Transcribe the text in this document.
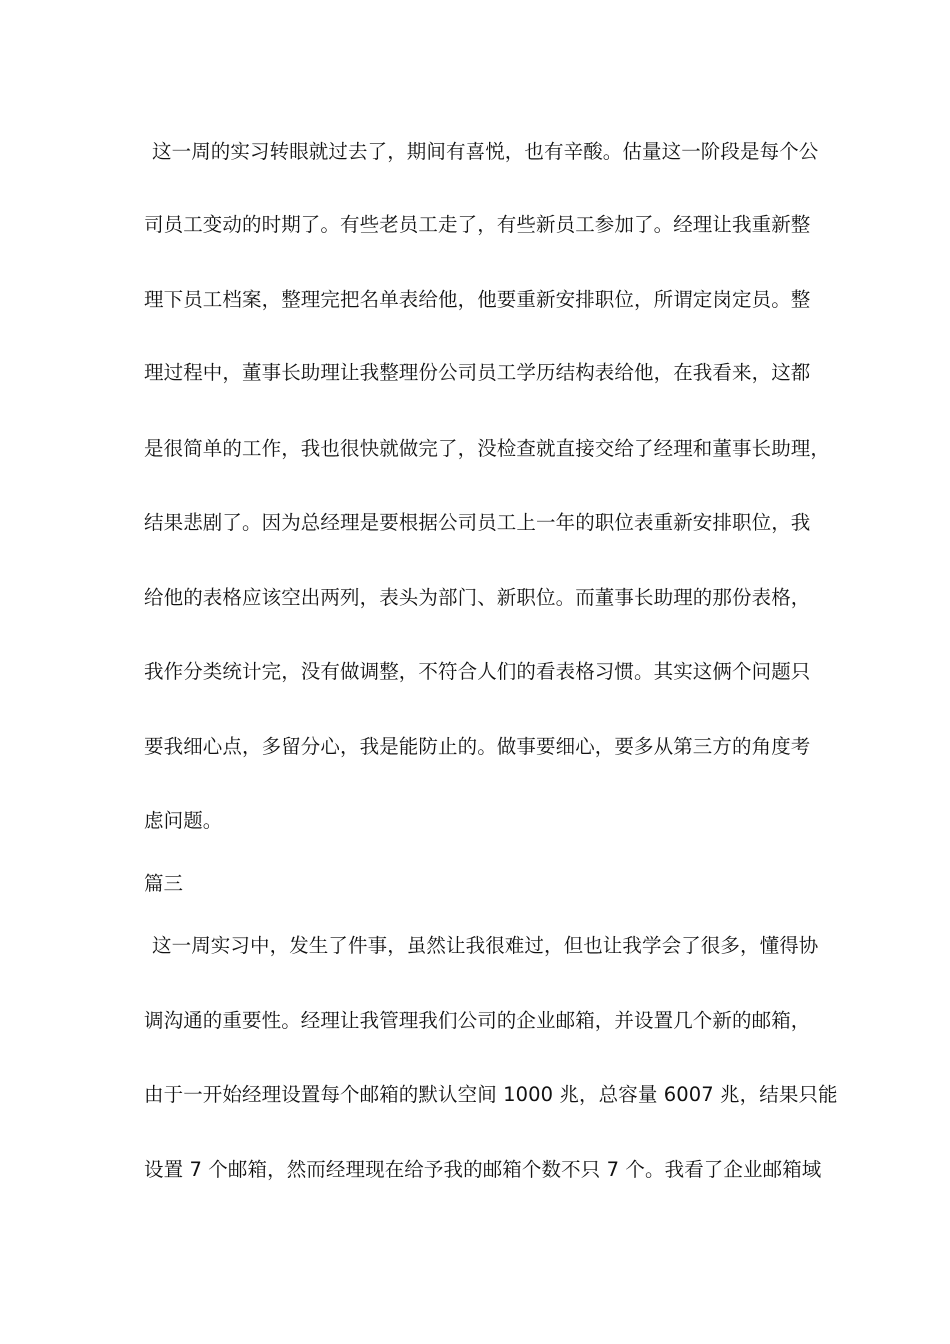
这一周的实习转眼就过去了，期间有喜悦，也有辛酸。估量这一阶段是每个公
司员工变动的时期了。有些老员工走了，有些新员工参加了。经理让我重新整
理下员工档案，整理完把名单表给他，他要重新安排职位，所谓定岗定员。整
理过程中，董事长助理让我整理份公司员工学历结构表给他，在我看来，这都
是很简单的工作，我也很快就做完了，没检查就直接交给了经理和董事长助理，
结果悲剧了。因为总经理是要根据公司员工上一年的职位表重新安排职位，我
给他的表格应该空出两列，表头为部门、新职位。而董事长助理的那份表格，
我作分类统计完，没有做调整，不符合人们的看表格习惯。其实这俩个问题只
要我细心点，多留分心，我是能防止的。做事要细心，要多从第三方的角度考
虑问题。
篇三
这一周实习中，发生了件事，虽然让我很难过，但也让我学会了很多，懂得协
调沟通的重要性。经理让我管理我们公司的企业邮箱，并设置几个新的邮箱，
由于一开始经理设置每个邮箱的默认空间 1000 兆，总容量 6007 兆，结果只能
设置 7 个邮箱，然而经理现在给予我的邮箱个数不只 7 个。我看了企业邮箱域
